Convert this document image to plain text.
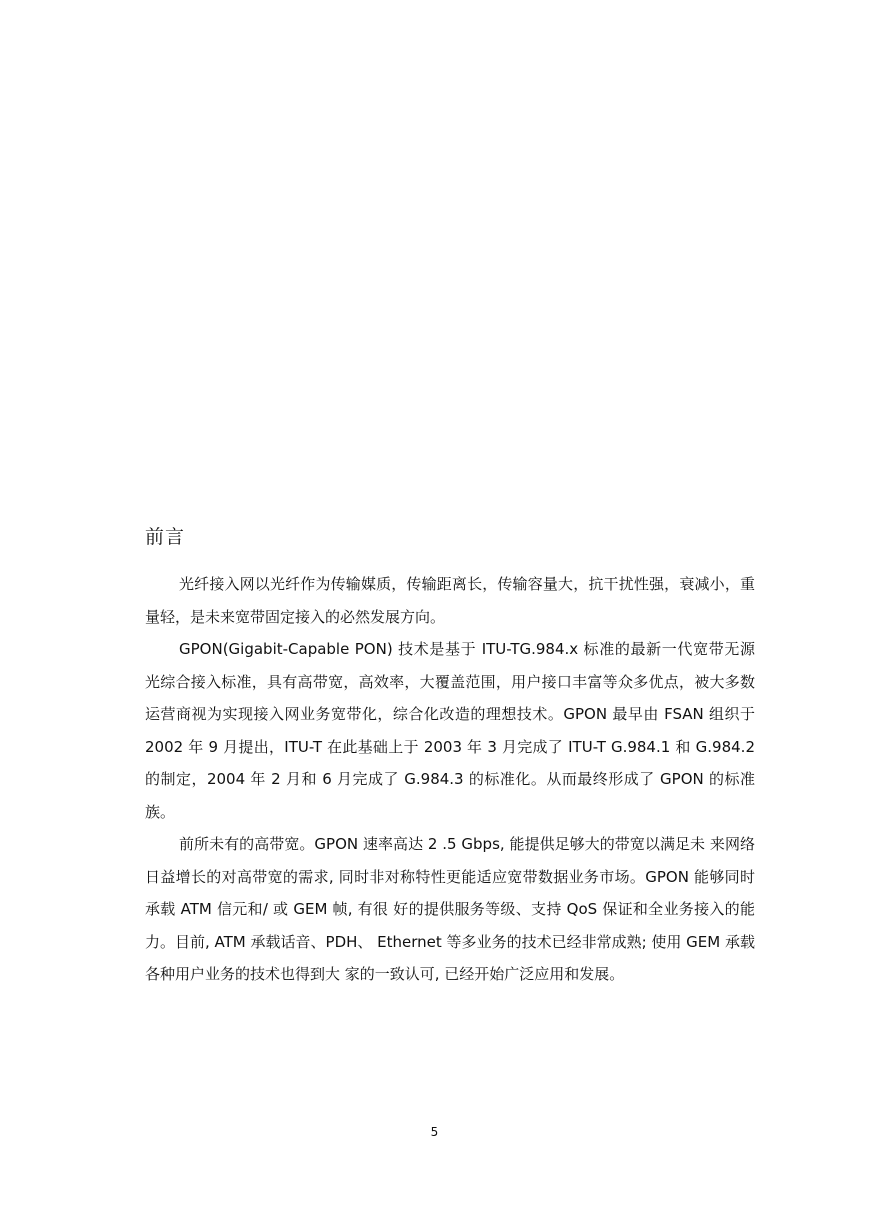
前言

光纤接入网以光纤作为传输媒质，传输距离长，传输容量大，抗干扰性强，衰减小，重量轻，是未来宽带固定接入的必然发展方向。

GPON(Gigabit-Capable PON) 技术是基于 ITU-TG.984.x 标准的最新一代宽带无源光综合接入标准，具有高带宽，高效率，大覆盖范围，用户接口丰富等众多优点，被大多数运营商视为实现接入网业务宽带化，综合化改造的理想技术。GPON 最早由 FSAN 组织于 2002 年 9 月提出，ITU-T 在此基础上于 2003 年 3 月完成了 ITU-T G.984.1 和 G.984.2 的制定，2004 年 2 月和 6 月完成了 G.984.3 的标准化。从而最终形成了 GPON 的标准族。

前所未有的高带宽。GPON 速率高达 2 .5 Gbps, 能提供足够大的带宽以满足未 来网络日益增长的对高带宽的需求, 同时非对称特性更能适应宽带数据业务市场。GPON 能够同时承载 ATM 信元和/ 或 GEM 帧, 有很 好的提供服务等级、支持 QoS 保证和全业务接入的能力。目前, ATM 承载话音、PDH、 Ethernet 等多业务的技术已经非常成熟; 使用 GEM 承载各种用户业务的技术也得到大 家的一致认可, 已经开始广泛应用和发展。

5
